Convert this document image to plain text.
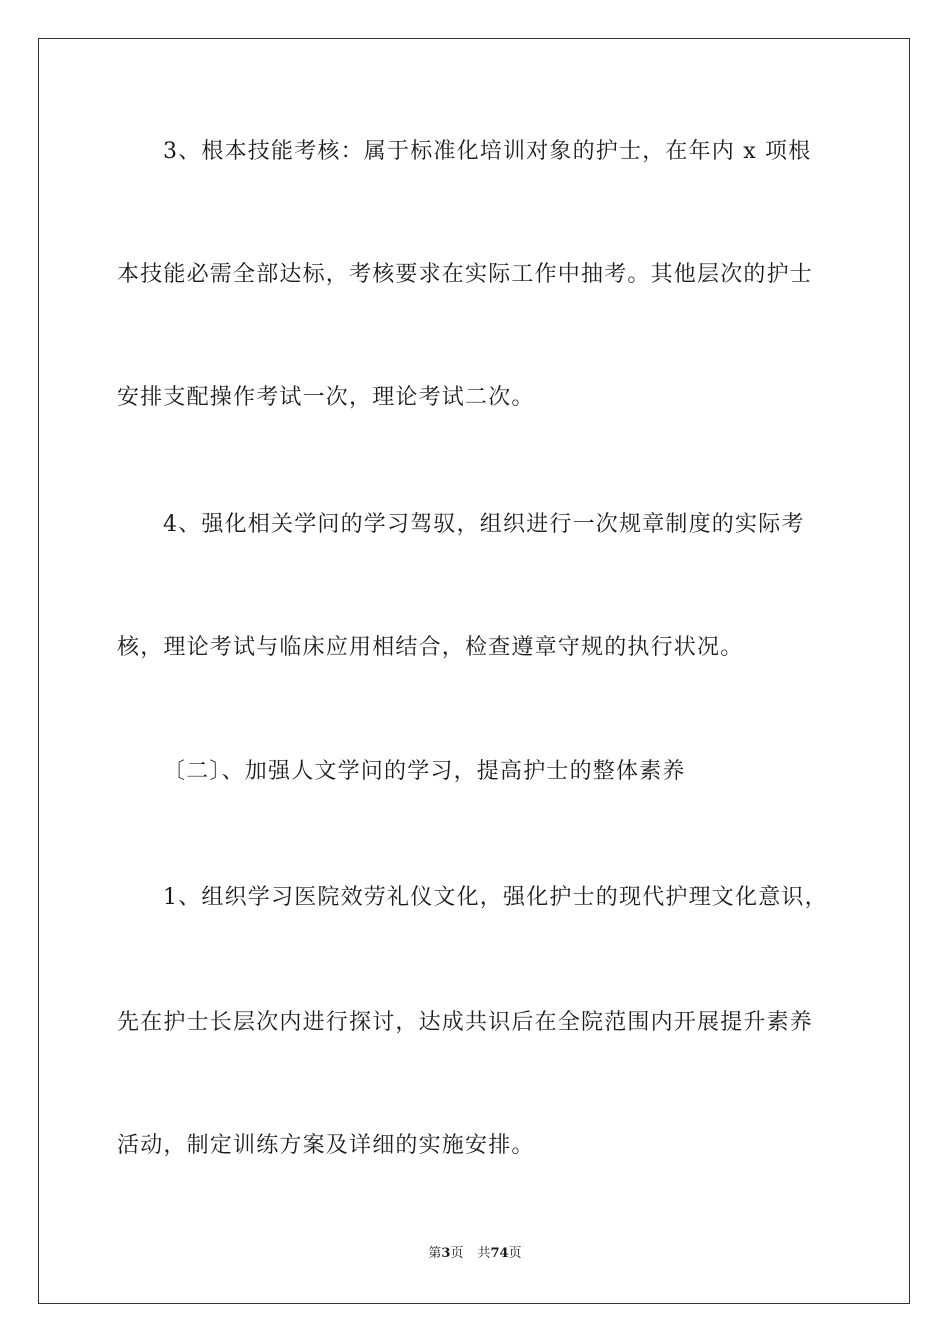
3、根本技能考核：属于标准化培训对象的护士，在年内 x 项根
本技能必需全部达标，考核要求在实际工作中抽考。其他层次的护士
安排支配操作考试一次，理论考试二次。
4、强化相关学问的学习驾驭，组织进行一次规章制度的实际考
核，理论考试与临床应用相结合，检查遵章守规的执行状况。
〔二〕、加强人文学问的学习，提高护士的整体素养
1、组织学习医院效劳礼仪文化，强化护士的现代护理文化意识，
先在护士长层次内进行探讨，达成共识后在全院范围内开展提升素养
活动，制定训练方案及详细的实施安排。
第3页 共74页
